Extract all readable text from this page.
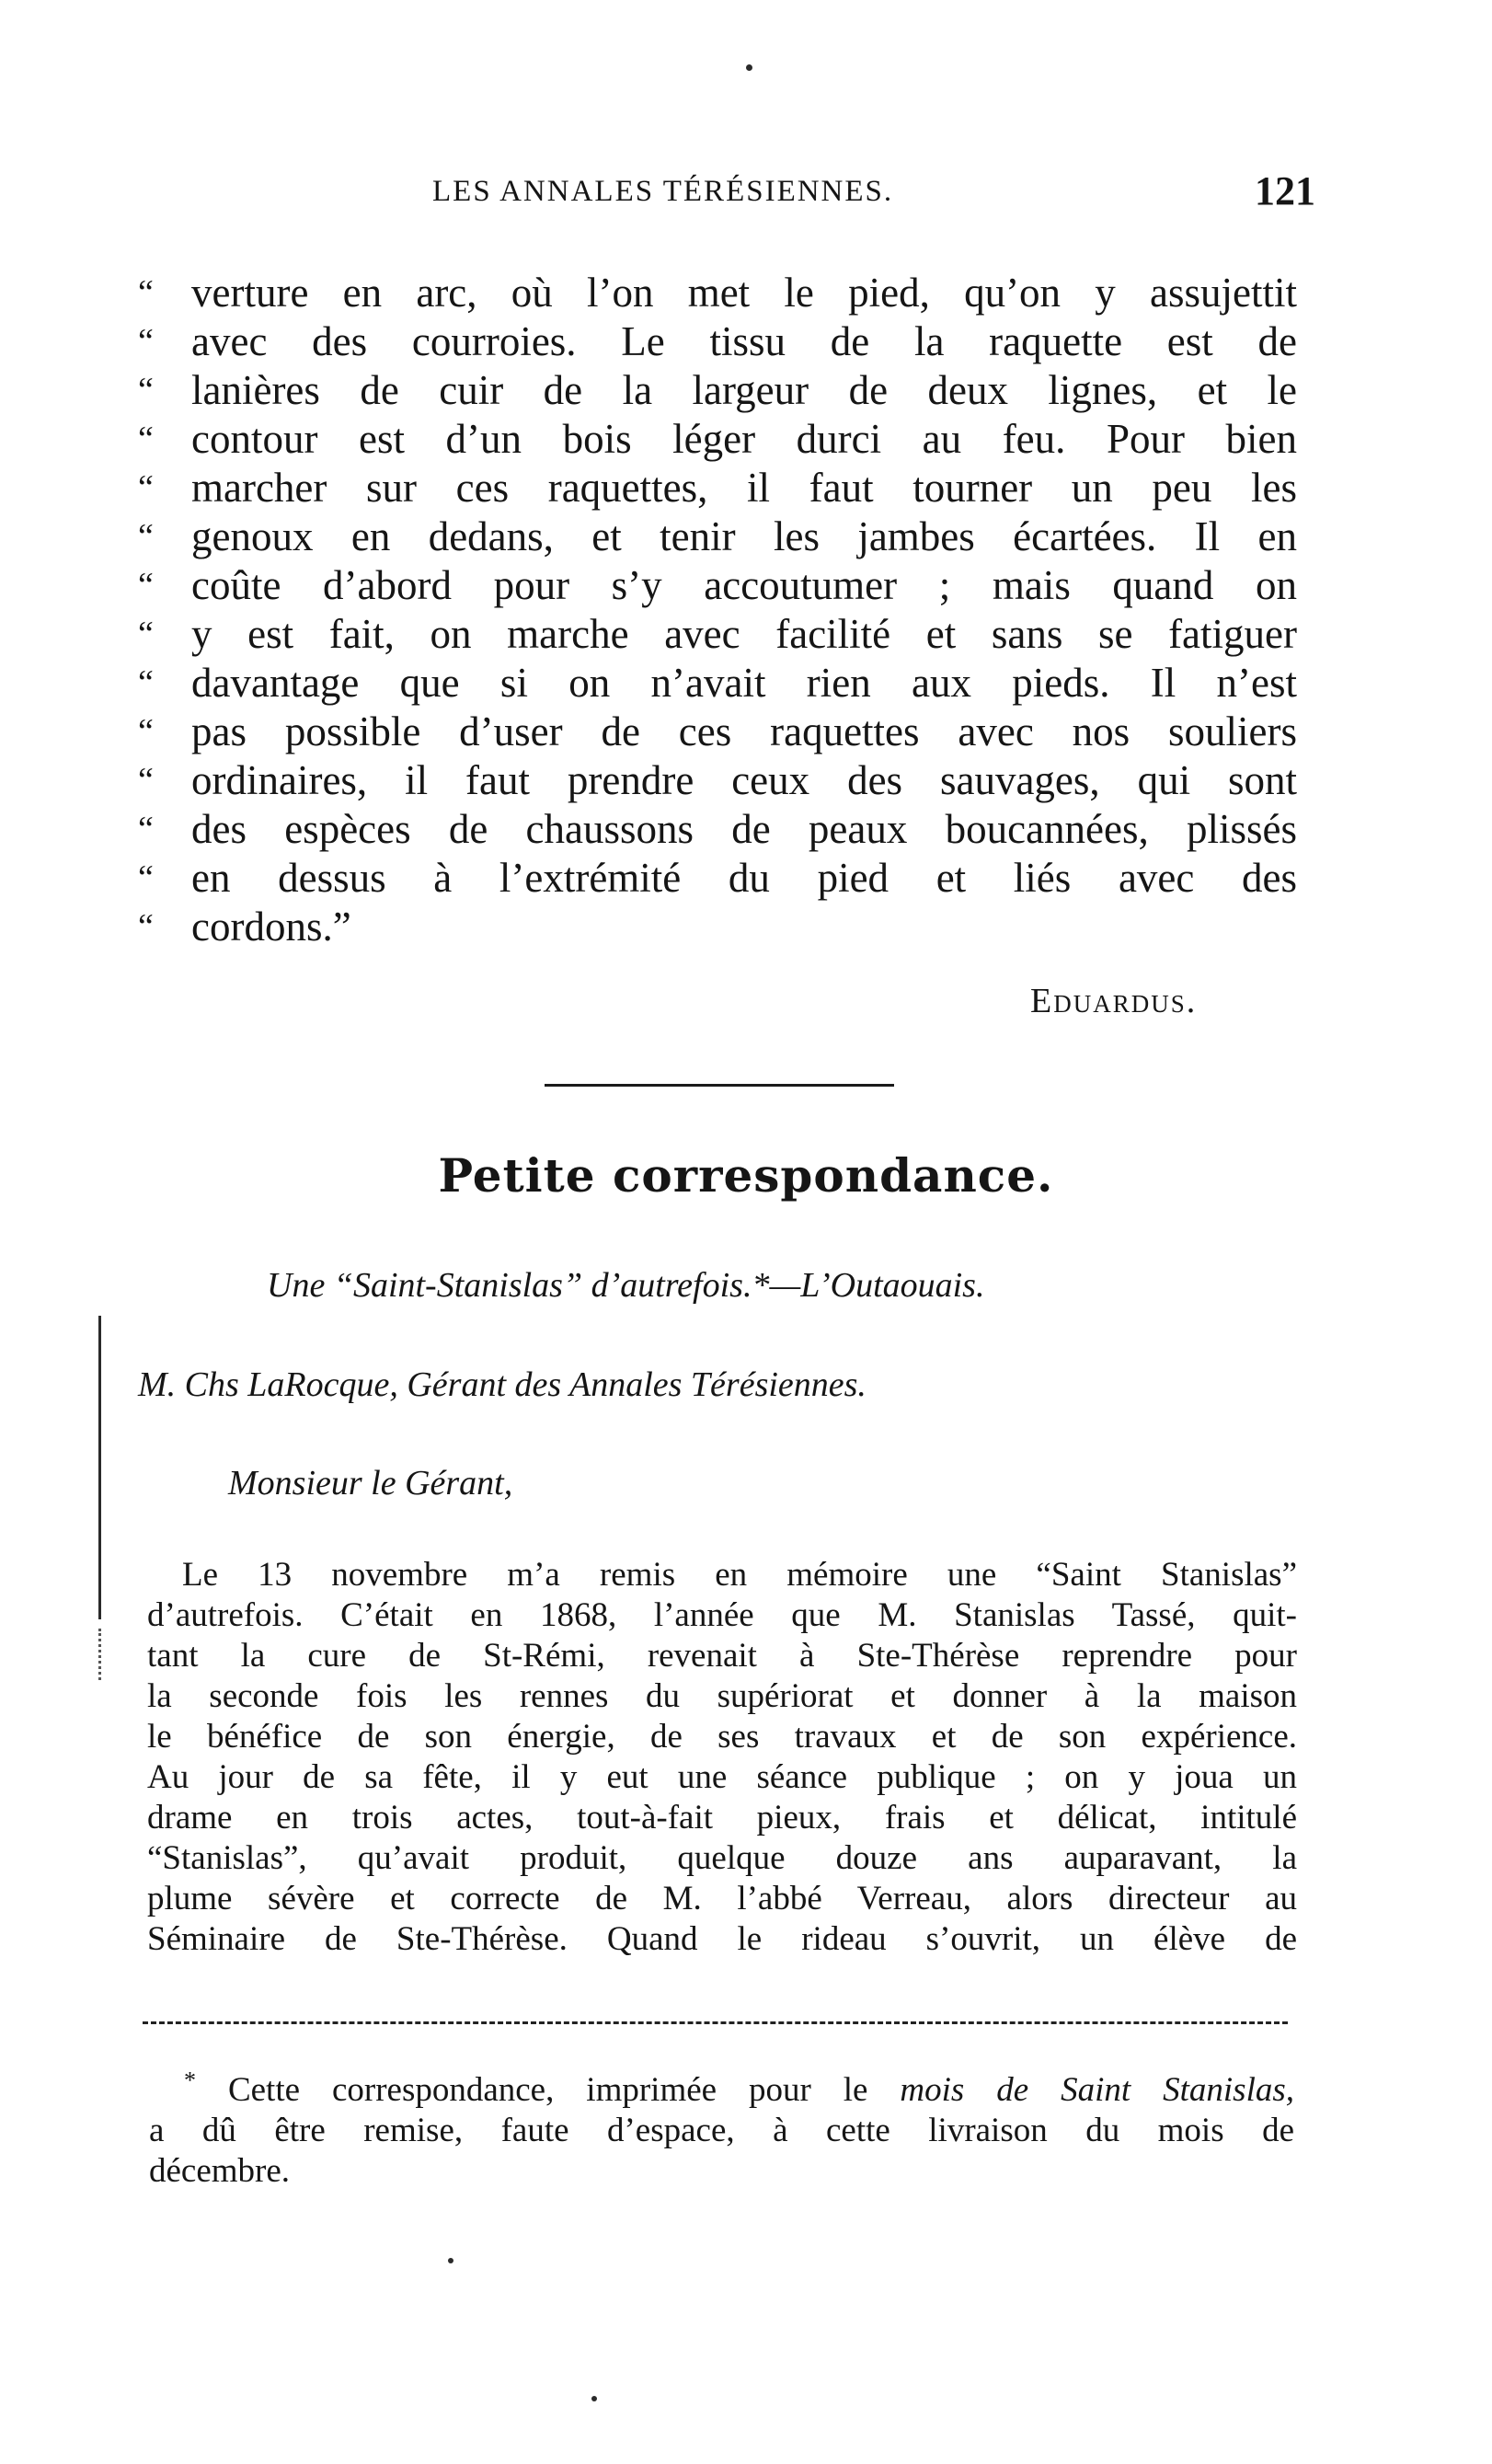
LES ANNALES TÉRÉSIENNES.	121
“ verture en arc, où l’on met le pied, qu’on y assujettit
“ avec des courroies. Le tissu de la raquette est de
“ lanières de cuir de la largeur de deux lignes, et le
“ contour est d’un bois léger durci au feu. Pour bien
“ marcher sur ces raquettes, il faut tourner un peu les
“ genoux en dedans, et tenir les jambes écartées. Il en
“ coûte d’abord pour s’y accoutumer ; mais quand on
“ y est fait, on marche avec facilité et sans se fatiguer
“ davantage que si on n’avait rien aux pieds. Il n’est
“ pas possible d’user de ces raquettes avec nos souliers
“ ordinaires, il faut prendre ceux des sauvages, qui sont
“ des espèces de chaussons de peaux boucannées, plissés
“ en dessus à l’extrémité du pied et liés avec des
“ cordons.”
Eduardus.
Petite correspondance.
Une “Saint-Stanislas” d’autrefois.*—L’Outaouais.
M. Chs LaRocque, Gérant des Annales Térésiennes.
Monsieur le Gérant,
Le 13 novembre m’a remis en mémoire une “Saint Stanislas”
d’autrefois. C’était en 1868, l’année que M. Stanislas Tassé, quit-
tant la cure de St-Rémi, revenait à Ste-Thérèse reprendre pour
la seconde fois les rennes du supériorat et donner à la maison
le bénéfice de son énergie, de ses travaux et de son expérience.
Au jour de sa fête, il y eut une séance publique ; on y joua un
drame en trois actes, tout-à-fait pieux, frais et délicat, intitulé
“Stanislas”, qu’avait produit, quelque douze ans auparavant, la
plume sévère et correcte de M. l’abbé Verreau, alors directeur au
Séminaire de Ste-Thérèse. Quand le rideau s’ouvrit, un élève de
* Cette correspondance, imprimée pour le mois de Saint Stanislas,
a dû être remise, faute d’espace, à cette livraison du mois de
décembre.
